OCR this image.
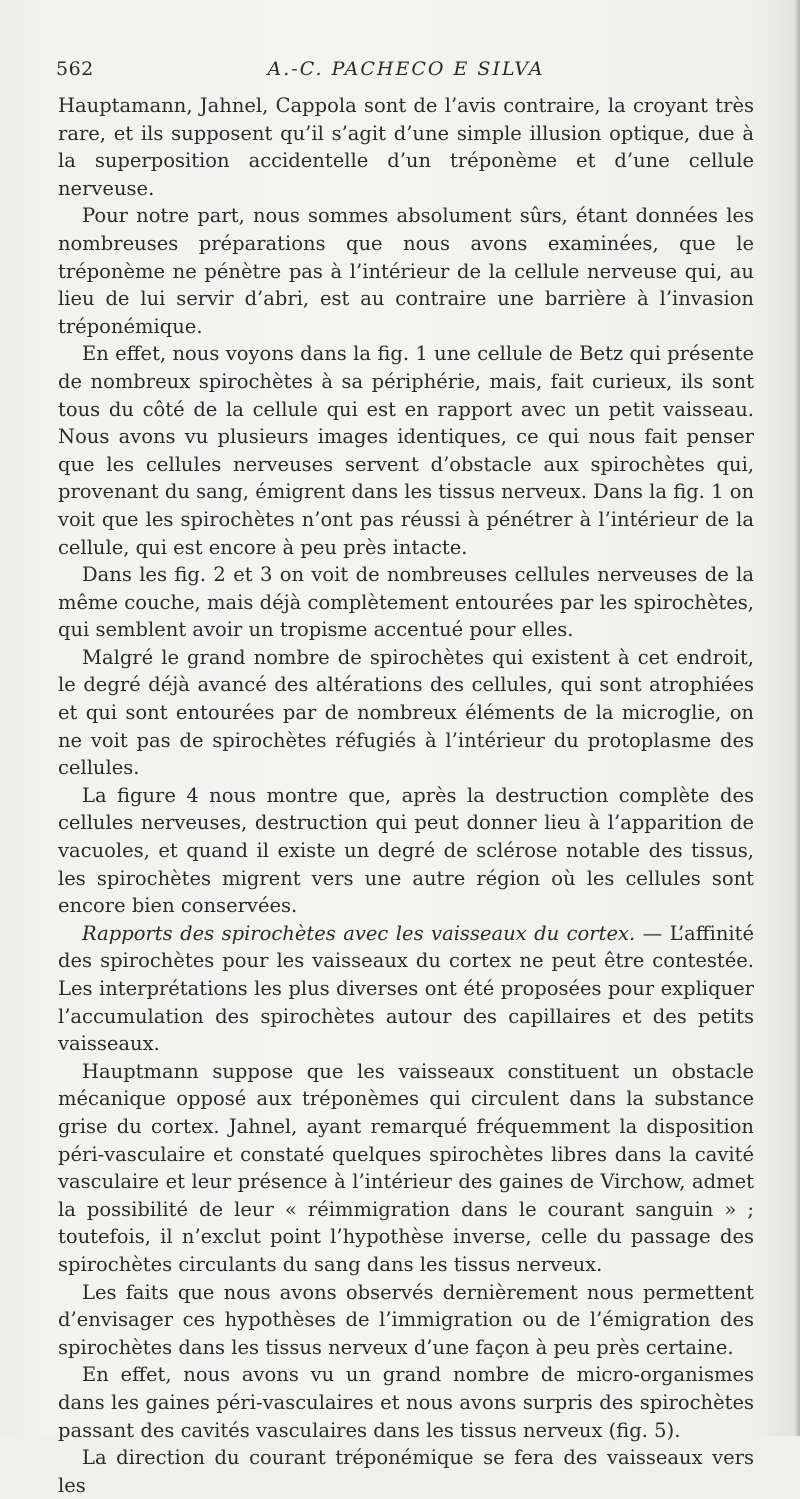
562	A.-C. PACHECO E SILVA

Hauptamann, Jahnel, Cappola sont de l’avis contraire, la croyant très rare, et ils supposent qu’il s’agit d’une simple illusion optique, due à la superposition accidentelle d’un tréponème et d’une cellule nerveuse.

Pour notre part, nous sommes absolument sûrs, étant données les nombreuses préparations que nous avons examinées, que le tréponème ne pénètre pas à l’intérieur de la cellule nerveuse qui, au lieu de lui servir d’abri, est au contraire une barrière à l’invasion tréponémique.

En effet, nous voyons dans la fig. 1 une cellule de Betz qui présente de nombreux spirochètes à sa périphérie, mais, fait curieux, ils sont tous du côté de la cellule qui est en rapport avec un petit vaisseau. Nous avons vu plusieurs images identiques, ce qui nous fait penser que les cellules nerveuses servent d’obstacle aux spirochètes qui, provenant du sang, émigrent dans les tissus nerveux. Dans la fig. 1 on voit que les spirochètes n’ont pas réussi à pénétrer à l’intérieur de la cellule, qui est encore à peu près intacte.

Dans les fig. 2 et 3 on voit de nombreuses cellules nerveuses de la même couche, mais déjà complètement entourées par les spirochètes, qui semblent avoir un tropisme accentué pour elles.

Malgré le grand nombre de spirochètes qui existent à cet endroit, le degré déjà avancé des altérations des cellules, qui sont atrophiées et qui sont entourées par de nombreux éléments de la microglie, on ne voit pas de spirochètes réfugiés à l’intérieur du protoplasme des cellules.

La figure 4 nous montre que, après la destruction complète des cellules nerveuses, destruction qui peut donner lieu à l’apparition de vacuoles, et quand il existe un degré de sclérose notable des tissus, les spirochètes migrent vers une autre région où les cellules sont encore bien conservées.

Rapports des spirochètes avec les vaisseaux du cortex. — L’affinité des spirochètes pour les vaisseaux du cortex ne peut être contestée. Les interprétations les plus diverses ont été proposées pour expliquer l’accumulation des spirochètes autour des capillaires et des petits vaisseaux.

Hauptmann suppose que les vaisseaux constituent un obstacle mécanique opposé aux tréponèmes qui circulent dans la substance grise du cortex. Jahnel, ayant remarqué fréquemment la disposition péri-vasculaire et constaté quelques spirochètes libres dans la cavité vasculaire et leur présence à l’intérieur des gaines de Virchow, admet la possibilité de leur « réimmigration dans le courant sanguin » ; toutefois, il n’exclut point l’hypothèse inverse, celle du passage des spirochètes circulants du sang dans les tissus nerveux.

Les faits que nous avons observés dernièrement nous permettent d’envisager ces hypothèses de l’immigration ou de l’émigration des spirochètes dans les tissus nerveux d’une façon à peu près certaine.

En effet, nous avons vu un grand nombre de micro-organismes dans les gaines péri-vasculaires et nous avons surpris des spirochètes passant des cavités vasculaires dans les tissus nerveux (fig. 5).

La direction du courant tréponémique se fera des vaisseaux vers les
